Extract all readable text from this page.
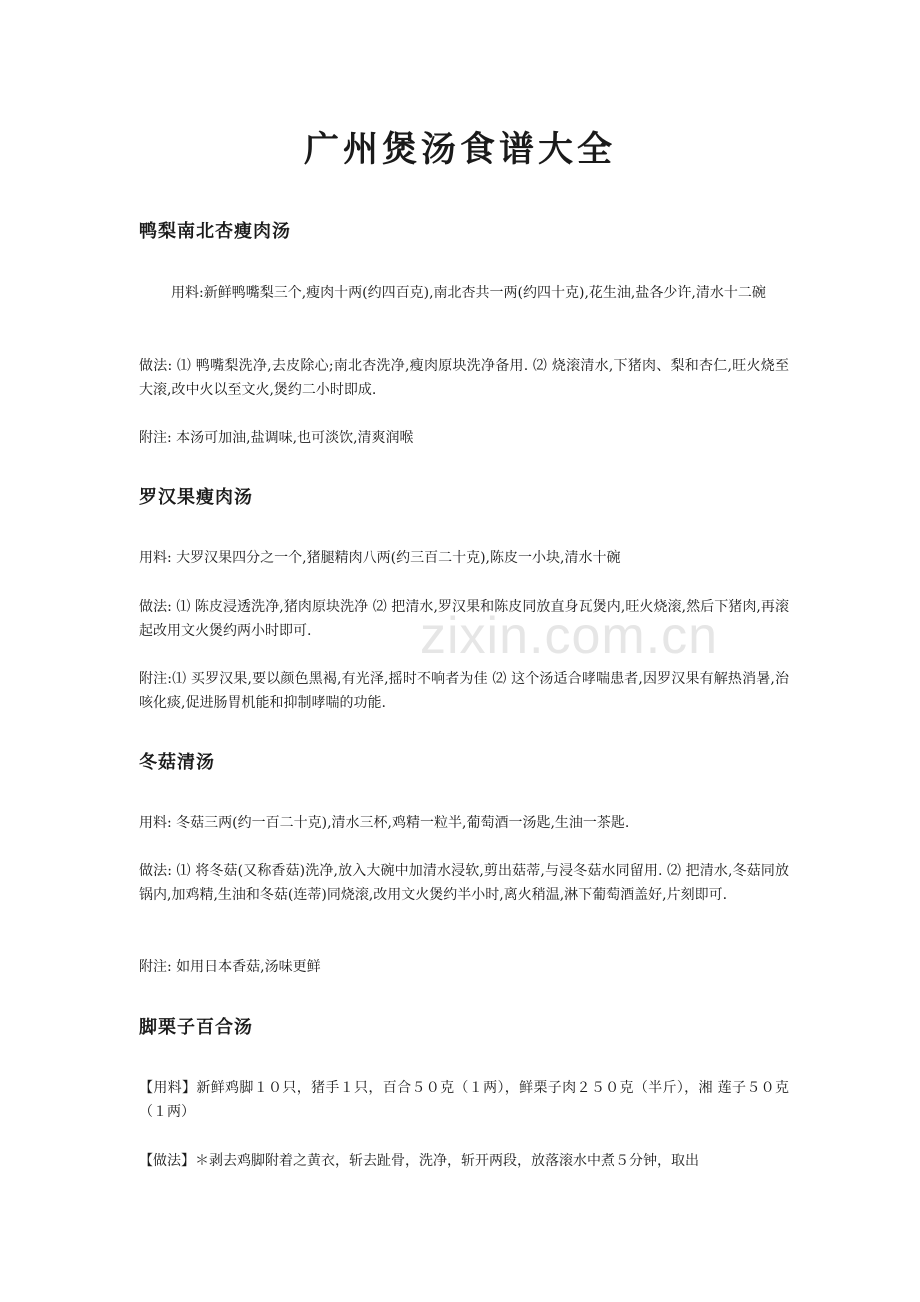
广州煲汤食谱大全
鸭梨南北杏瘦肉汤

用料:新鲜鸭嘴梨三个,瘦肉十两(约四百克),南北杏共一两(约四十克),花生油,盐各少许,清水十二碗

做法: ⑴ 鸭嘴梨洗净,去皮除心;南北杏洗净,瘦肉原块洗净备用. ⑵ 烧滚清水,下猪肉、梨和杏仁,旺火烧至大滚,改中火以至文火,煲约二小时即成.

附注: 本汤可加油,盐调味,也可淡饮,清爽润喉

罗汉果瘦肉汤

用料: 大罗汉果四分之一个,猪腿精肉八两(约三百二十克),陈皮一小块,清水十碗

做法: ⑴ 陈皮浸透洗净,猪肉原块洗净 ⑵ 把清水,罗汉果和陈皮同放直身瓦煲内,旺火烧滚,然后下猪肉,再滚起改用文火煲约两小时即可.

附注:⑴ 买罗汉果,要以颜色黑褐,有光泽,摇时不响者为佳 ⑵ 这个汤适合哮喘患者,因罗汉果有解热消暑,治咳化痰,促进肠胃机能和抑制哮喘的功能.

冬菇清汤

用料: 冬菇三两(约一百二十克),清水三杯,鸡精一粒半,葡萄酒一汤匙,生油一茶匙.

做法: ⑴ 将冬菇(又称香菇)洗净,放入大碗中加清水浸软,剪出菇蒂,与浸冬菇水同留用. ⑵ 把清水,冬菇同放锅内,加鸡精,生油和冬菇(连蒂)同烧滚,改用文火煲约半小时,离火稍温,淋下葡萄酒盖好,片刻即可.

附注: 如用日本香菇,汤味更鲜

脚栗子百合汤

【用料】新鲜鸡脚１０只，猪手１只，百合５０克（１两），鲜栗子肉２５０克（半斤），湘 莲子５０克（１两）

【做法】＊剥去鸡脚附着之黄衣，斩去趾骨，洗净，斩开两段，放落滚水中煮５分钟，取出

zixin.com.cn
